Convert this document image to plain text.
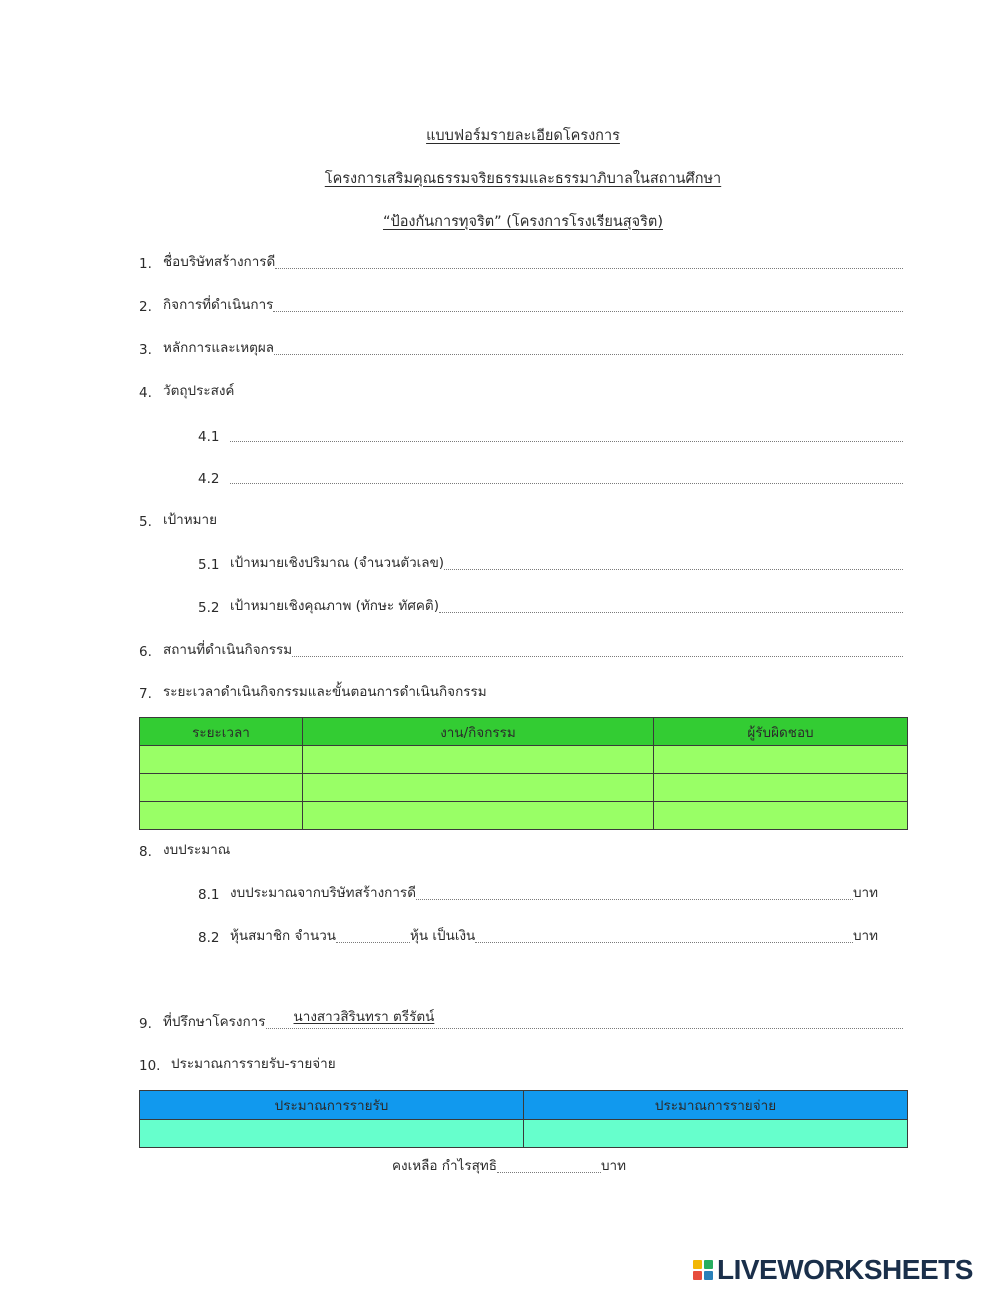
แบบฟอร์มรายละเอียดโครงการ
โครงการเสริมคุณธรรมจริยธรรมและธรรมาภิบาลในสถานศึกษา
“ป้องกันการทุจริต” (โครงการโรงเรียนสุจริต)
1. ชื่อบริษัทสร้างการดี
2. กิจการที่ดำเนินการ
3. หลักการและเหตุผล
4. วัตถุประสงค์
4.1
4.2
5. เป้าหมาย
5.1 เป้าหมายเชิงปริมาณ (จำนวนตัวเลข)
5.2 เป้าหมายเชิงคุณภาพ (ทักษะ ทัศคติ)
6. สถานที่ดำเนินกิจกรรม
7. ระยะเวลาดำเนินกิจกรรมและขั้นตอนการดำเนินกิจกรรม
ระยะเวลา	งาน/กิจกรรม	ผู้รับผิดชอบ

8. งบประมาณ
8.1 งบประมาณจากบริษัทสร้างการดี	บาท
8.2 หุ้นสมาชิก จำนวน	หุ้น เป็นเงิน	บาท
9. ที่ปรึกษาโครงการ นางสาวสิรินทรา ตรีรัตน์
10. ประมาณการรายรับ-รายจ่าย
ประมาณการรายรับ	ประมาณการรายจ่าย

คงเหลือ กำไรสุทธิ	บาท
LIVEWORKSHEETS
